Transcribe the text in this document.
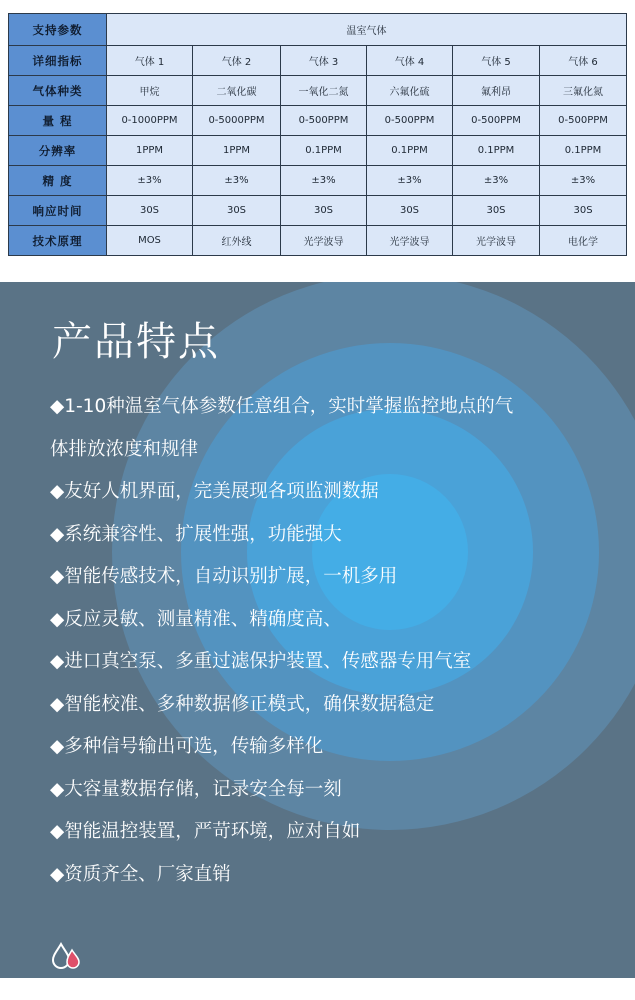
支持参数	温室气体					
详细指标	气体 1	气体 2	气体 3	气体 4	气体 5	气体 6
气体种类	甲烷	二氧化碳	一氧化二氮	六氟化硫	氟利昂	三氟化氮
量 程	0-1000PPM	0-5000PPM	0-500PPM	0-500PPM	0-500PPM	0-500PPM
分辨率	1PPM	1PPM	0.1PPM	0.1PPM	0.1PPM	0.1PPM
精 度	±3%	±3%	±3%	±3%	±3%	±3%
响应时间	30S	30S	30S	30S	30S	30S
技术原理	MOS	红外线	光学波导	光学波导	光学波导	电化学
产品特点
◆1-10种温室气体参数任意组合，实时掌握监控地点的气
体排放浓度和规律
◆友好人机界面，完美展现各项监测数据
◆系统兼容性、扩展性强，功能强大
◆智能传感技术，自动识别扩展，一机多用
◆反应灵敏、测量精准、精确度高、
◆进口真空泵、多重过滤保护装置、传感器专用气室
◆智能校准、多种数据修正模式，确保数据稳定
◆多种信号输出可选，传输多样化
◆大容量数据存储，记录安全每一刻
◆智能温控装置，严苛环境，应对自如
◆资质齐全、厂家直销
